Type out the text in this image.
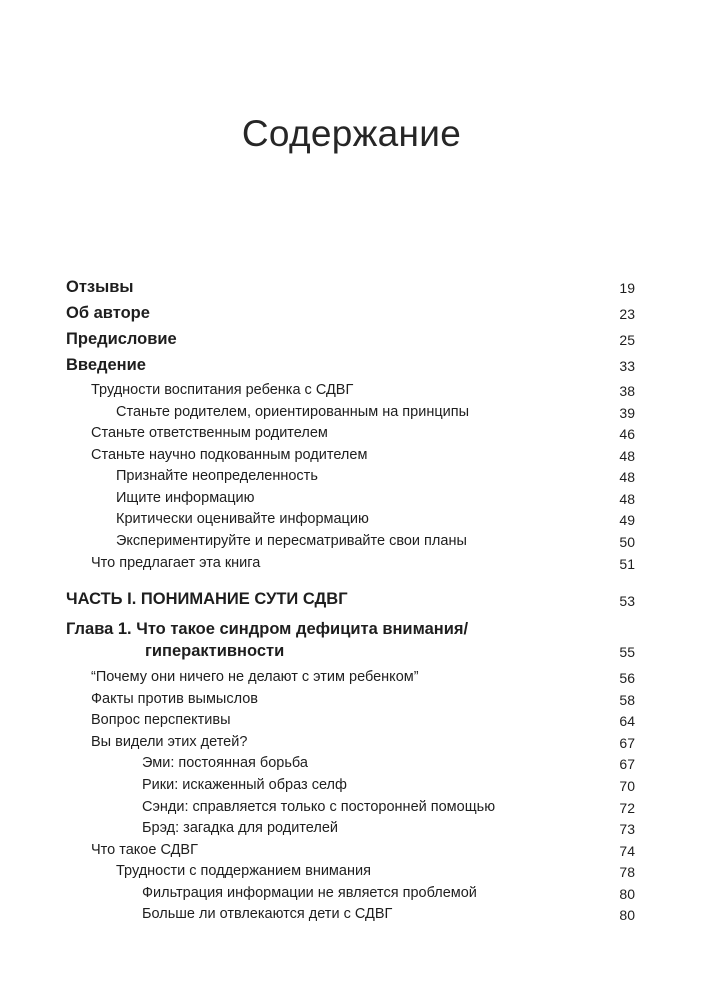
Содержание
Отзывы	19
Об авторе	23
Предисловие	25
Введение	33
Трудности воспитания ребенка с СДВГ	38
Станьте родителем, ориентированным на принципы	39
Станьте ответственным родителем	46
Станьте научно подкованным родителем	48
Признайте неопределенность	48
Ищите информацию	48
Критически оценивайте информацию	49
Экспериментируйте и пересматривайте свои планы	50
Что предлагает эта книга	51
ЧАСТЬ I. ПОНИМАНИЕ СУТИ СДВГ	53
Глава 1. Что такое синдром дефицита внимания/
гиперактивности	55
“Почему они ничего не делают с этим ребенком”	56
Факты против вымыслов	58
Вопрос перспективы	64
Вы видели этих детей?	67
Эми: постоянная борьба	67
Рики: искаженный образ селф	70
Сэнди: справляется только с посторонней помощью	72
Брэд: загадка для родителей	73
Что такое СДВГ	74
Трудности с поддержанием внимания	78
Фильтрация информации не является проблемой	80
Больше ли отвлекаются дети с СДВГ	80
